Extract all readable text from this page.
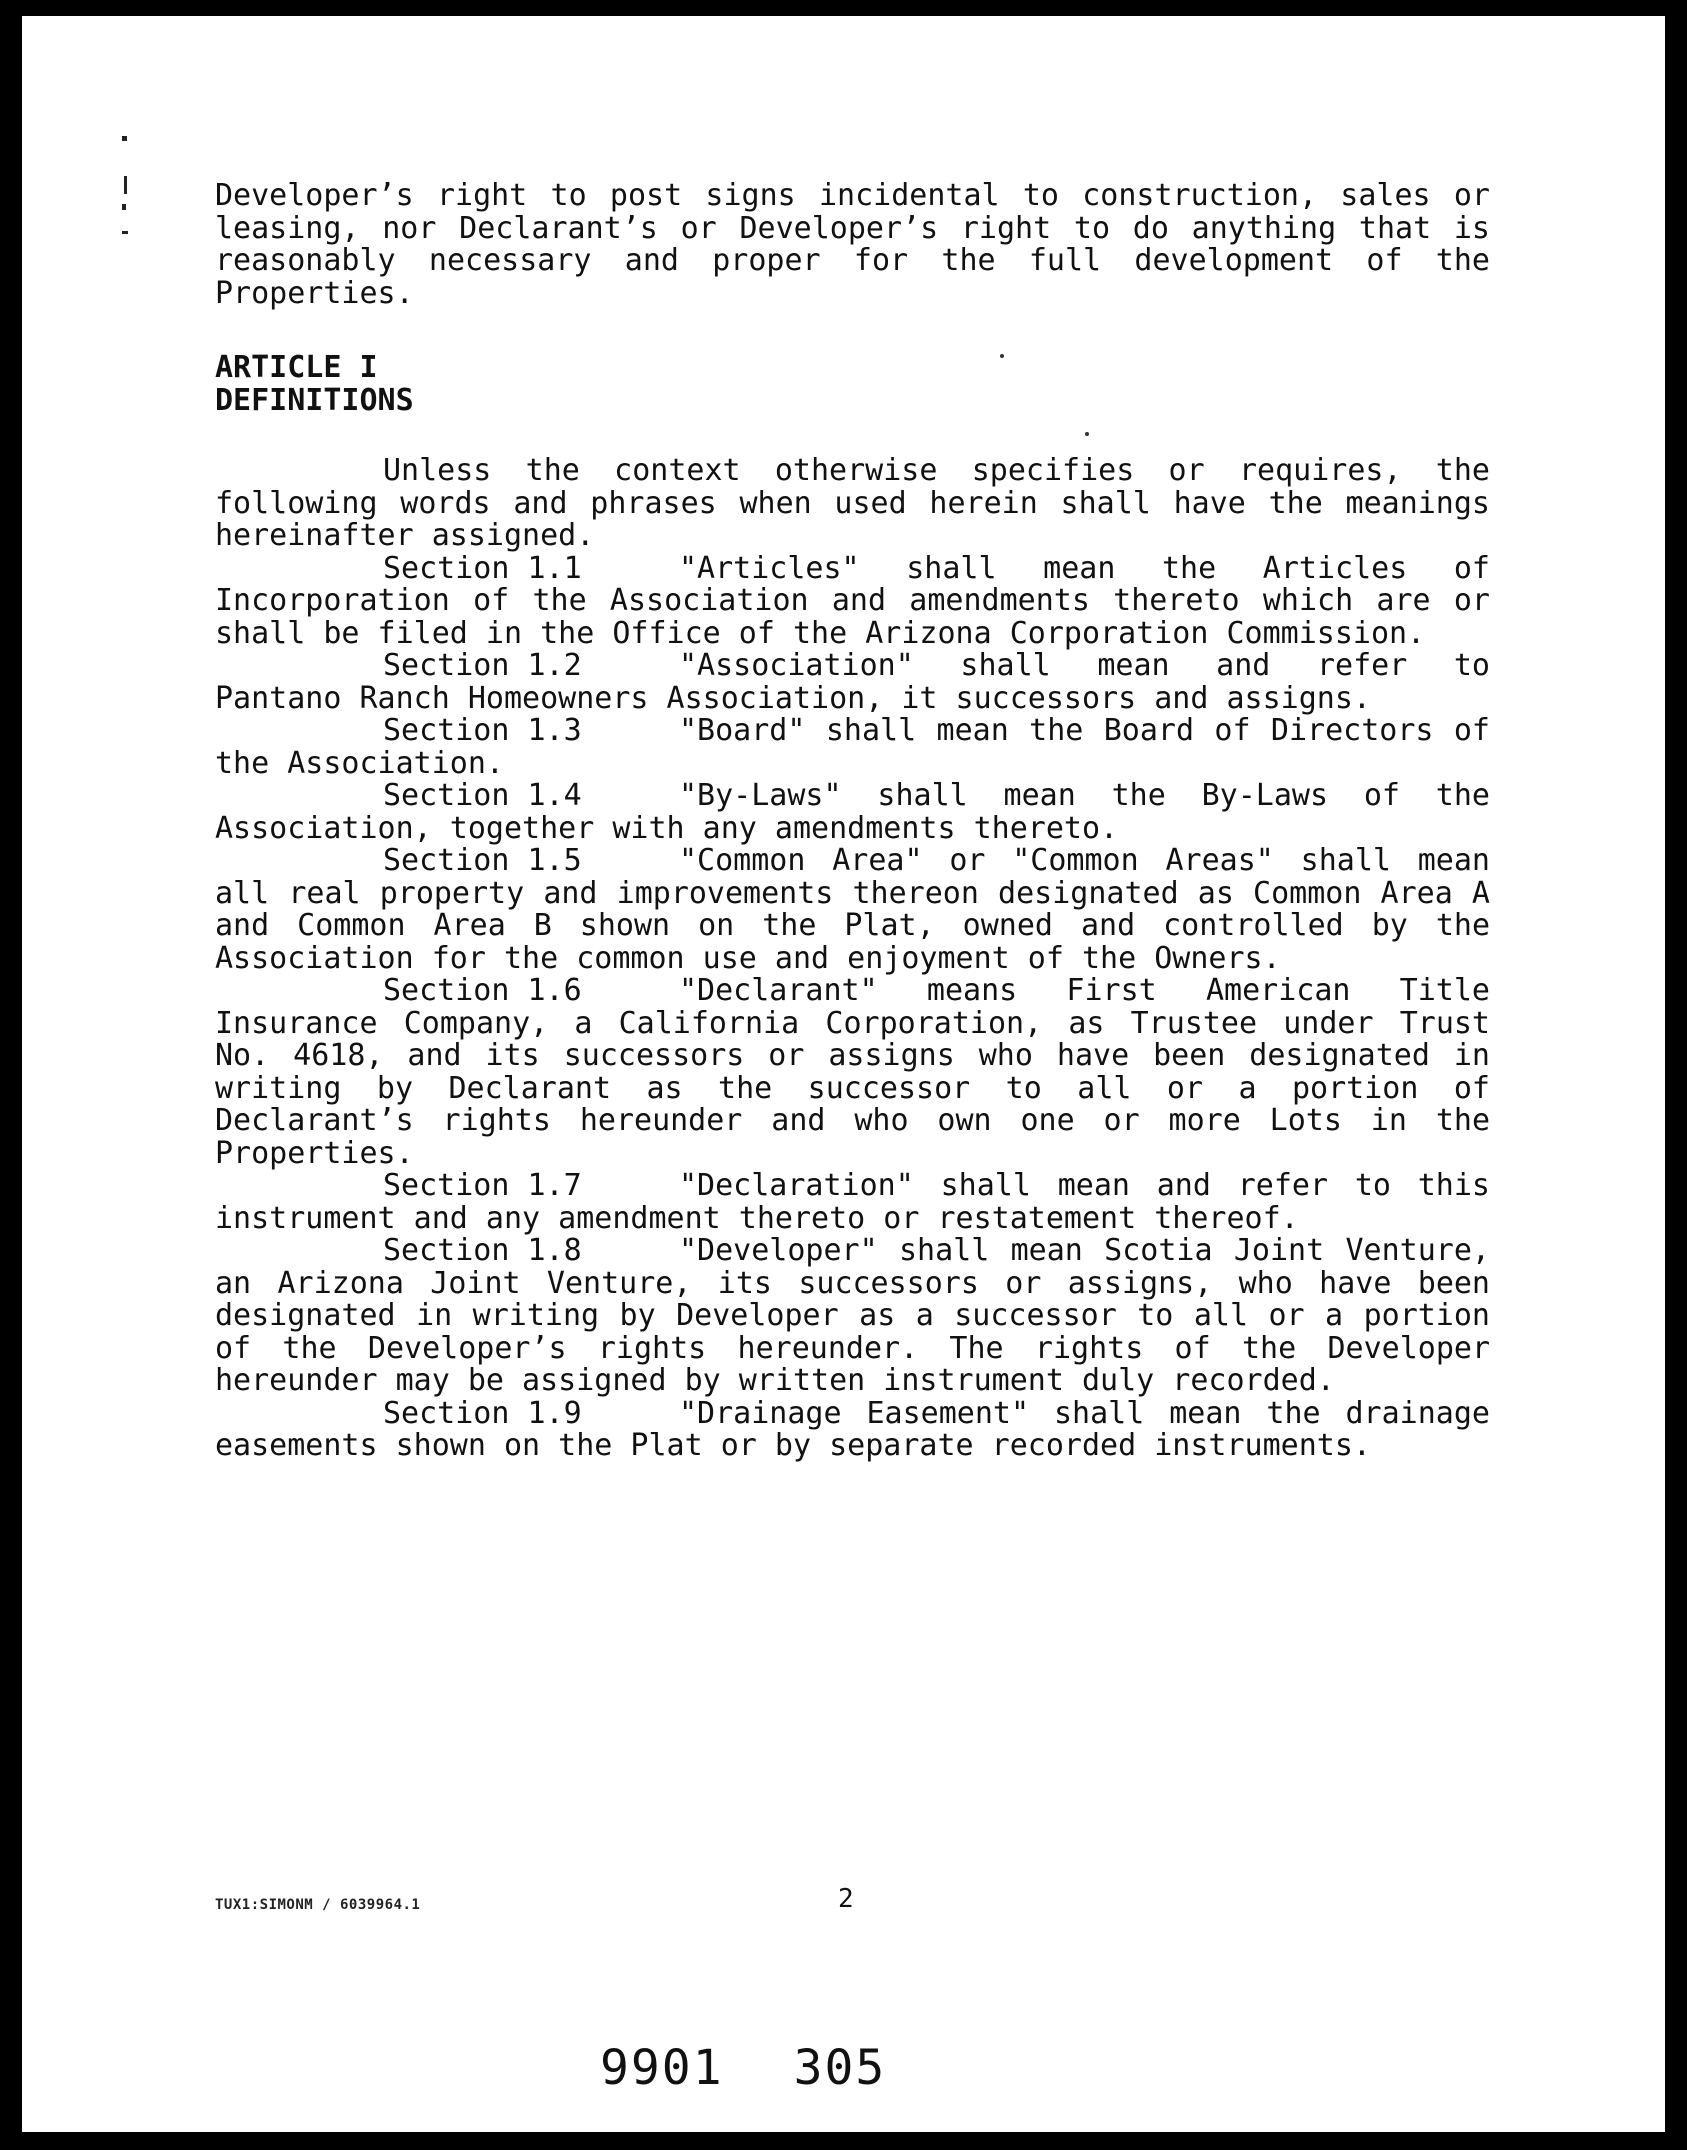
Developer’s right to post signs incidental to construction, sales or leasing, nor Declarant’s or Developer’s right to do anything that is reasonably necessary and proper for the full development of the Properties.

ARTICLE I

DEFINITIONS

Unless the context otherwise specifies or requires, the following words and phrases when used herein shall have the meanings hereinafter assigned.

Section 1.1	"Articles" shall mean the Articles of Incorporation of the Association and amendments thereto which are or shall be filed in the Office of the Arizona Corporation Commission.

Section 1.2	"Association" shall mean and refer to Pantano Ranch Homeowners Association, it successors and assigns.

Section 1.3	"Board" shall mean the Board of Directors of the Association.

Section 1.4	"By-Laws" shall mean the By-Laws of the Association, together with any amendments thereto.

Section 1.5	"Common Area" or "Common Areas" shall mean all real property and improvements thereon designated as Common Area A and Common Area B shown on the Plat, owned and controlled by the Association for the common use and enjoyment of the Owners.

Section 1.6	"Declarant" means First American Title Insurance Company, a California Corporation, as Trustee under Trust No. 4618, and its successors or assigns who have been designated in writing by Declarant as the successor to all or a portion of Declarant’s rights hereunder and who own one or more Lots in the Properties.

Section 1.7	"Declaration" shall mean and refer to this instrument and any amendment thereto or restatement thereof.

Section 1.8	"Developer" shall mean Scotia Joint Venture, an Arizona Joint Venture, its successors or assigns, who have been designated in writing by Developer as a successor to all or a portion of the Developer’s rights hereunder. The rights of the Developer hereunder may be assigned by written instrument duly recorded.

Section 1.9	"Drainage Easement" shall mean the drainage easements shown on the Plat or by separate recorded instruments.

TUX1:SIMONM / 6039964.1	2
9901 305
